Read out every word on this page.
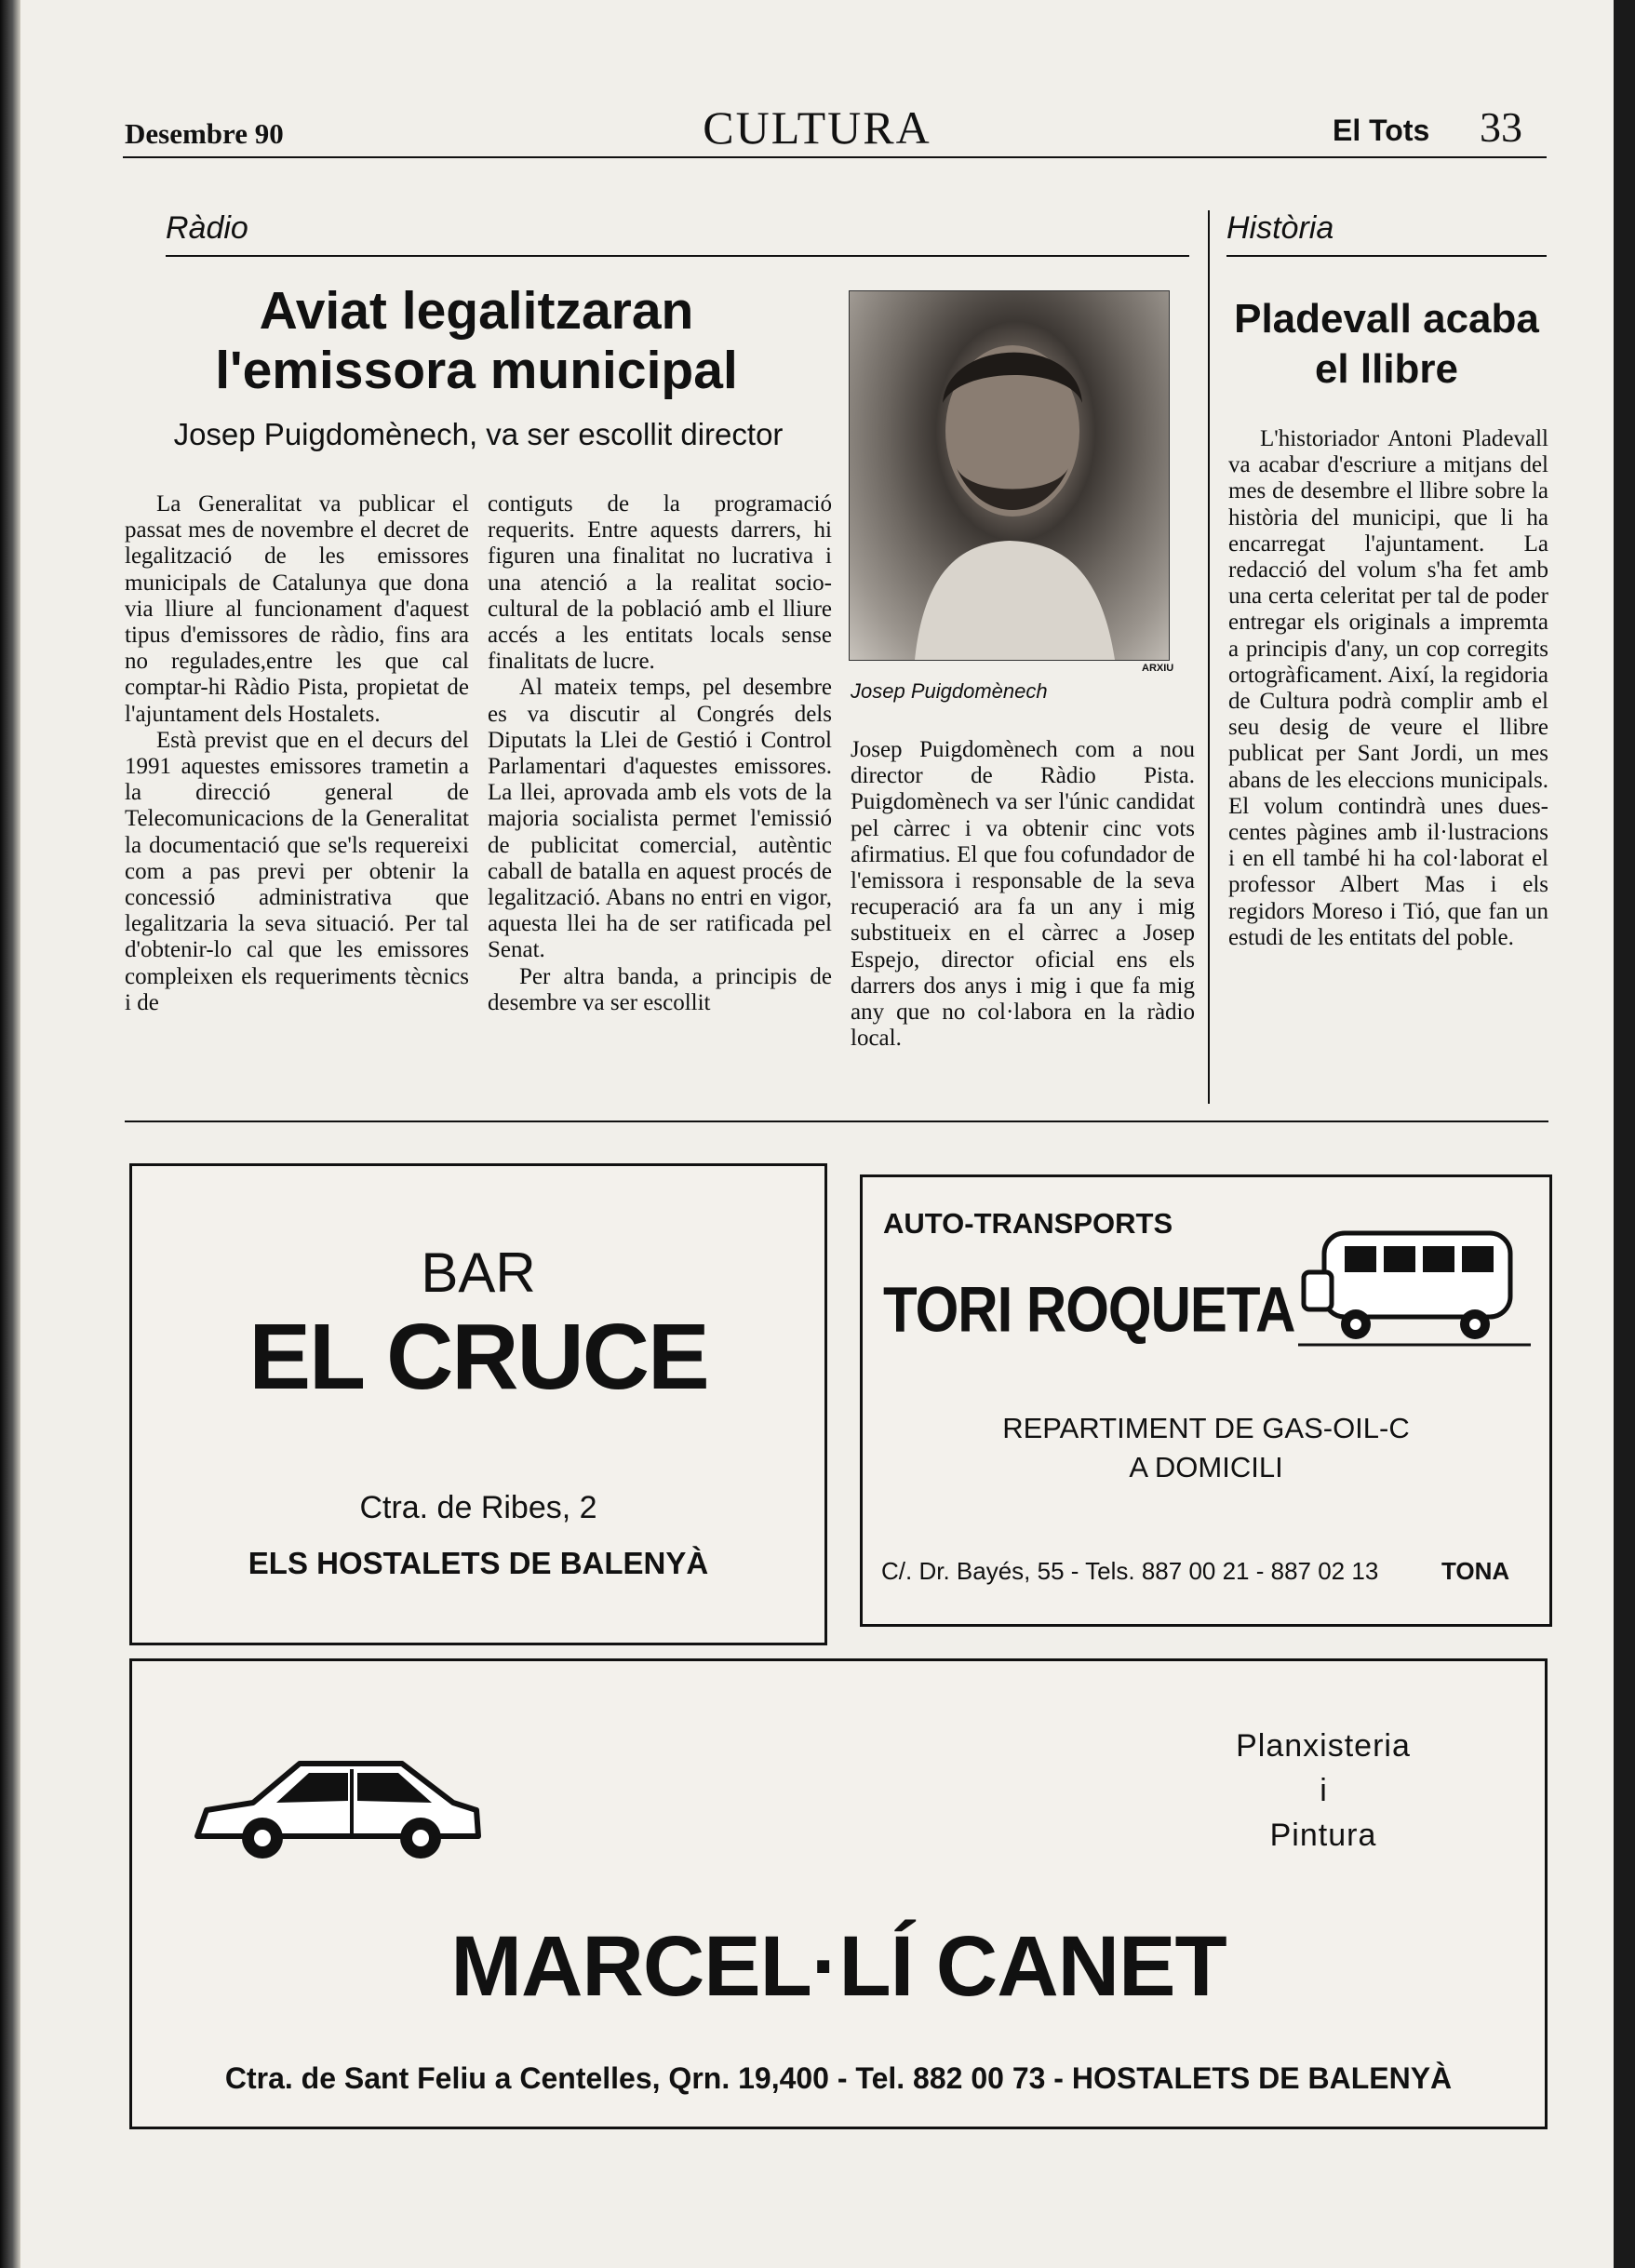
Desembre 90	CULTURA	El Tots 33
Ràdio
Aviat legalitzaran l'emissora municipal
Josep Puigdomènech, va ser escollit director

La Generalitat va publicar el passat mes de novembre el decret de legalització de les emissores municipals de Catalunya que dona via lliure al funcionament d'aquest tipus d'emissores de ràdio, fins ara no regulades,entre les que cal comptar-hi Ràdio Pista, propietat de l'ajuntament dels Hostalets.

Està previst que en el decurs del 1991 aquestes emissores trametin a la direcció general de Telecomunicacions de la Generalitat la documentació que se'ls requereixi com a pas previ per obtenir la concessió administrativa que legalitzaria la seva situació. Per tal d'obtenir-lo cal que les emissores compleixen els requeriments tècnics i de

contiguts de la programació requerits. Entre aquests darrers, hi figuren una finalitat no lucrativa i una atenció a la realitat socio-cultural de la població amb el lliure accés a les entitats locals sense finalitats de lucre.

Al mateix temps, pel desembre es va discutir al Congrés dels Diputats la Llei de Gestió i Control Parlamentari d'aquestes emissores. La llei, aprovada amb els vots de la majoria socialista permet l'emissió de publicitat comercial, autèntic caball de batalla en aquest procés de legalització. Abans no entri en vigor, aquesta llei ha de ser ratificada pel Senat.

Per altra banda, a principis de desembre va ser escollit

ARXIU
Josep Puigdomènech

Josep Puigdomènech com a nou director de Ràdio Pista. Puigdomènech va ser l'únic candidat pel càrrec i va obtenir cinc vots afirmatius. El que fou cofundador de l'emissora i responsable de la seva recuperació ara fa un any i mig substitueix en el càrrec a Josep Espejo, director oficial ens els darrers dos anys i mig i que fa mig any que no col·labora en la ràdio local.

Història
Pladevall acaba el llibre

L'historiador Antoni Pladevall va acabar d'escriure a mitjans del mes de desembre el llibre sobre la història del municipi, que li ha encarregat l'ajuntament. La redacció del volum s'ha fet amb una certa celeritat per tal de poder entregar els originals a impremta a principis d'any, un cop corregits ortogràficament. Així, la regidoria de Cultura podrà complir amb el seu desig de veure el llibre publicat per Sant Jordi, un mes abans de les eleccions municipals. El volum contindrà unes dues-centes pàgines amb il·lustracions i en ell també hi ha col·laborat el professor Albert Mas i els regidors Moreso i Tió, que fan un estudi de les entitats del poble.

BAR
EL CRUCE
Ctra. de Ribes, 2
ELS HOSTALETS DE BALENYÀ
AUTO-TRANSPORTS
TORI ROQUETA
REPARTIMENT DE GAS-OIL-C
A DOMICILI
C/. Dr. Bayés, 55 - Tels. 887 00 21 - 887 02 13	TONA
Planxisteria
i
Pintura
MARCEL·LÍ CANET
Ctra. de Sant Feliu a Centelles, Qrn. 19,400 - Tel. 882 00 73 - HOSTALETS DE BALENYÀ
